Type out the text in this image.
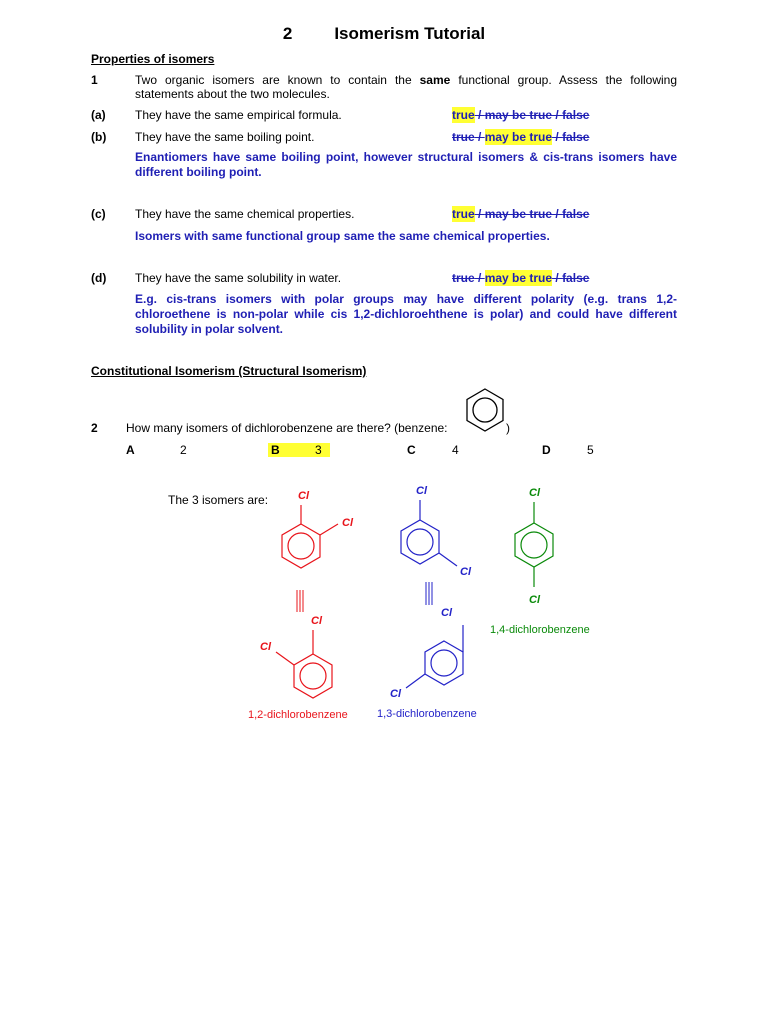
2 Isomerism Tutorial
Properties of isomers
1	Two organic isomers are known to contain the same functional group. Assess the following statements about the two molecules.
(a) They have the same empirical formula.	true / may be true / false
(b) They have the same boiling point.	true / may be true / false
Enantiomers have same boiling point, however structural isomers & cis-trans isomers have different boiling point.
(c) They have the same chemical properties.	true / may be true / false
Isomers with same functional group same the same chemical properties.
(d) They have the same solubility in water.	true / may be true / false
E.g. cis-trans isomers with polar groups may have different polarity (e.g. trans 1,2-chloroethene is non-polar while cis 1,2-dichloroehthene is polar) and could have different solubility in polar solvent.
Constitutional Isomerism (Structural Isomerism)
2 How many isomers of dichlorobenzene are there? (benzene:	)
A	2	B	3	C	4	D	5
The 3 isomers are:	Cl
Cl
Cl
Cl
Cl
Cl
Cl
Cl
Cl
Cl
1,2-dichlorobenzene	1,3-dichlorobenzene
1,4-dichlorobenzene
